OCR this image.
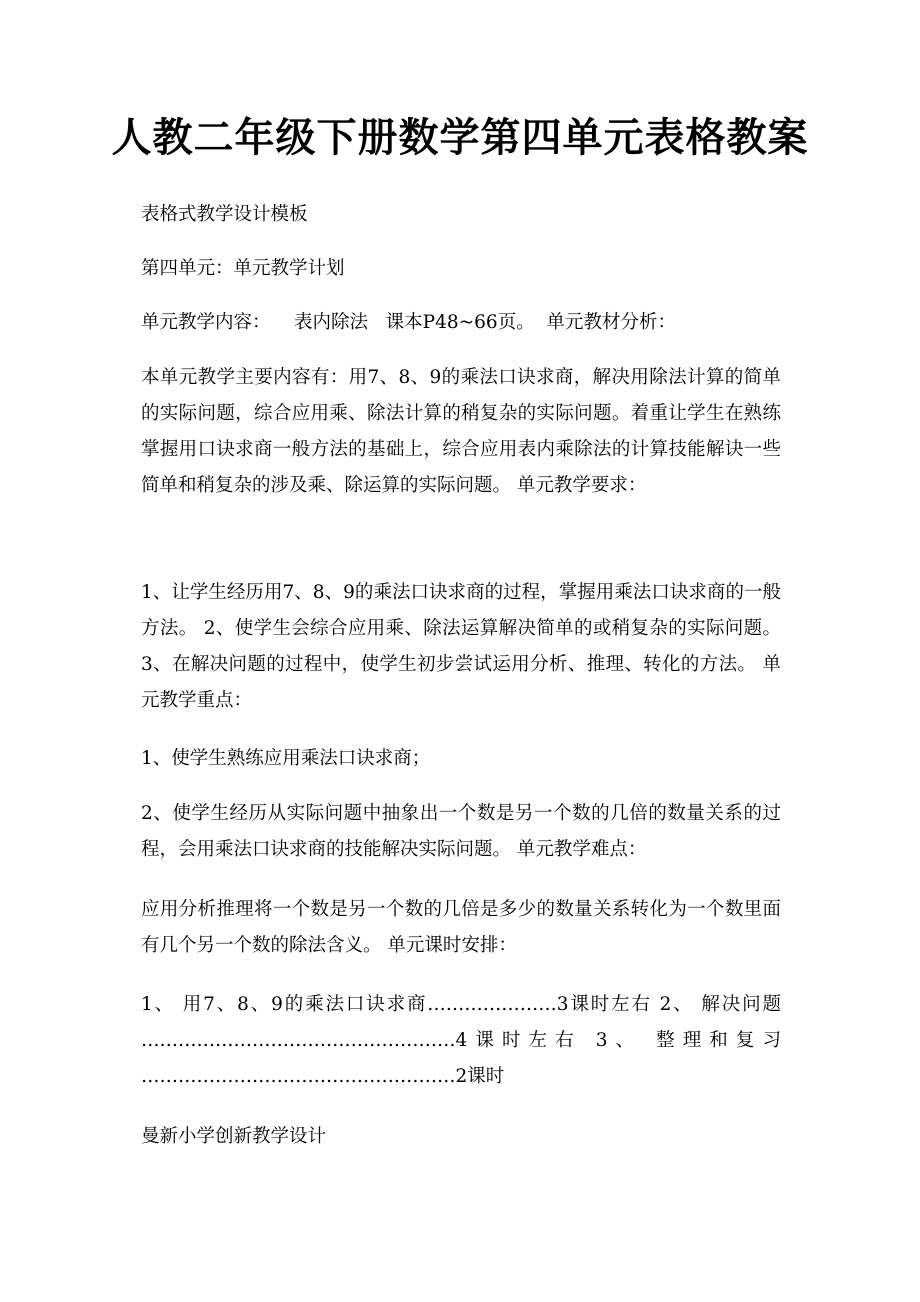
人教二年级下册数学第四单元表格教案

表格式教学设计模板

第四单元：单元教学计划

单元教学内容：    表内除法   课本P48~66页。  单元教材分析：

本单元教学主要内容有：用7、8、9的乘法口诀求商，解决用除法计算的简单的实际问题，综合应用乘、除法计算的稍复杂的实际问题。着重让学生在熟练掌握用口诀求商一般方法的基础上，综合应用表内乘除法的计算技能解诀一些简单和稍复杂的涉及乘、除运算的实际问题。 单元教学要求：

1、让学生经历用7、8、9的乘法口诀求商的过程，掌握用乘法口诀求商的一般方法。 2、使学生会综合应用乘、除法运算解决简单的或稍复杂的实际问题。 3、在解决问题的过程中，使学生初步尝试运用分析、推理、转化的方法。 单元教学重点：

1、使学生熟练应用乘法口诀求商；

2、使学生经历从实际问题中抽象出一个数是另一个数的几倍的数量关系的过程，会用乘法口诀求商的技能解决实际问题。 单元教学难点：

应用分析推理将一个数是另一个数的几倍是多少的数量关系转化为一个数里面有几个另一个数的除法含义。 单元课时安排：

1、 用7、8、9的乘法口诀求商…………………3课时左右 2、 解决问题 ……………………………………………4课时左右 3、 整理和复习 ……………………………………………2课时

曼新小学创新教学设计
